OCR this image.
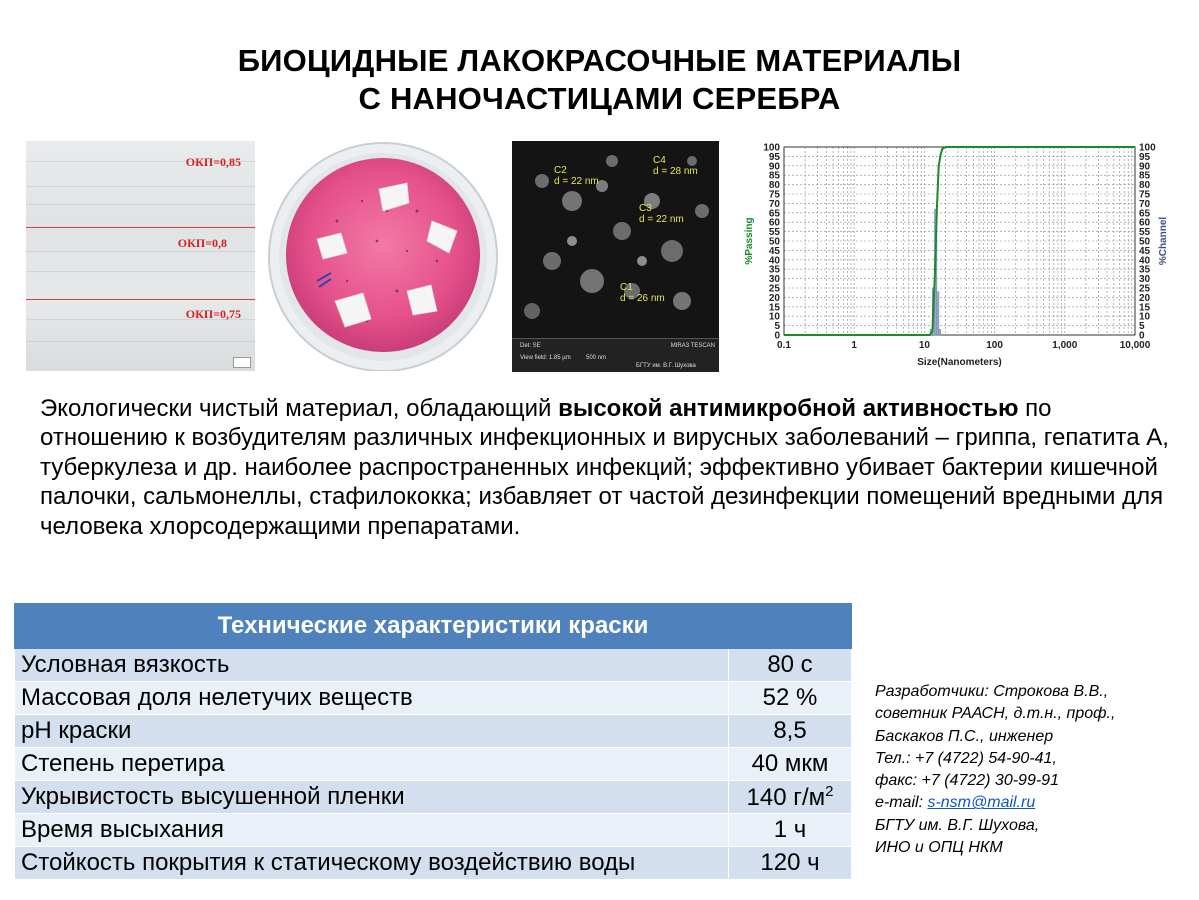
БИОЦИДНЫЕ ЛАКОКРАСОЧНЫЕ МАТЕРИАЛЫ
С НАНОЧАСТИЦАМИ СЕРЕБРА
ОКП=0,85
ОКП=0,8
ОКП=0,75
C2
d = 22 nm
C4
d = 28 nm
C3
d = 22 nm
C1
d = 26 nm
Det: SE
View field: 1.85 µm	500 nm
MIRA3 TESCAN
БГТУ им. В.Г. Шухова
0	0
5	5
10	10
15	15
20	20
25	25
30	30
35	35
40	40
45	45
50	50
55	55
60	60
65	65
70	70
75	75
80	80
85	85
90	90
95	95
100	100
0.1	1	10	100	1,000	10,000
Size(Nanometers)
%Passing	%Channel
Экологически чистый материал, обладающий высокой антимикробной активностью по отношению к возбудителям различных инфекционных и вирусных заболеваний – гриппа, гепатита А, туберкулеза и др. наиболее распространенных инфекций; эффективно убивает бактерии кишечной палочки, сальмонеллы, стафилококка; избавляет от частой дезинфекции помещений вредными для человека хлорсодержащими препаратами.
Технические характеристики краски	
Условная вязкость	80 с
Массовая доля нелетучих веществ	52 %
pH краски	8,5
Степень перетира	40 мкм
Укрывистость высушенной пленки	140 $г/м^2$
Время высыхания	1 ч
Стойкость покрытия к статическому воздействию воды	120 ч
Разработчики: Строкова В.В.,
советник РААСН, д.т.н., проф.,
Баскаков П.С., инженер
Тел.: +7 (4722) 54-90-41,
факс: +7 (4722) 30-99-91
e-mail: s-nsm@mail.ru
БГТУ им. В.Г. Шухова,
ИНО и ОПЦ НКМ
